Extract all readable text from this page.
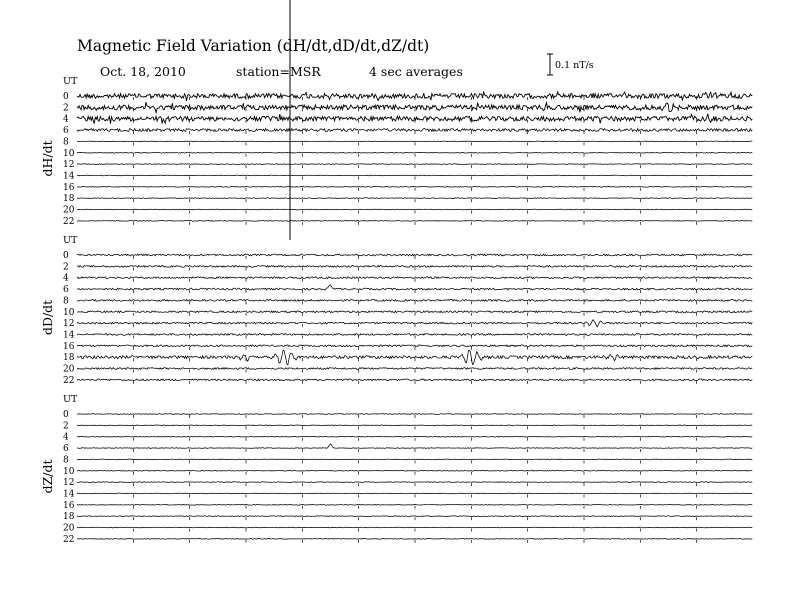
Magnetic Field Variation (dH/dt,dD/dt,dZ/dt)
Oct. 18, 2010	station=MSR	4 sec averages	0.1 nT/s
UT
dH/dt
0
2
4
6
8
10
12
14
16
18
20
22
UT
dD/dt
0
2
4
6
8
10
12
14
16
18
20
22
UT
dZ/dt
0
2
4
6
8
10
12
14
16
18
20
22
